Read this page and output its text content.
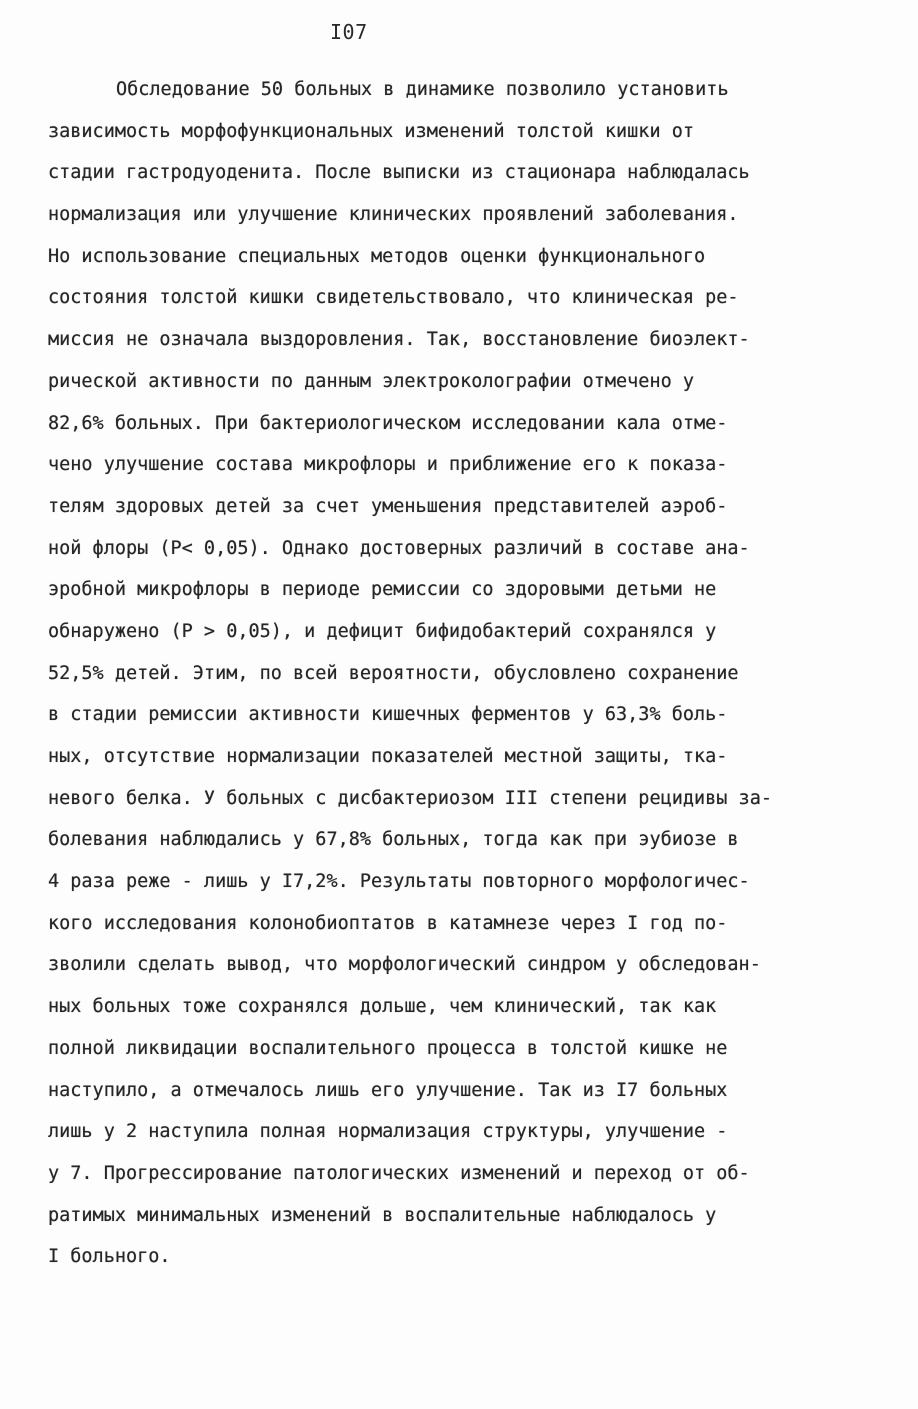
I07
Обследование 50 больных в динамике позволило установить
зависимость морфофункциональных изменений толстой кишки от
стадии гастродуоденита. После выписки из стационара наблюдалась
нормализация или улучшение клинических проявлений заболевания.
Но использование специальных методов оценки функционального
состояния толстой кишки свидетельствовало, что клиническая ре-
миссия не означала выздоровления. Так, восстановление биоэлект-
рической активности по данным электроколографии отмечено у
82,6% больных. При бактериологическом исследовании кала отме-
чено улучшение состава микрофлоры и приближение его к показа-
телям здоровых детей за счет уменьшения представителей аэроб-
ной флоры (P< 0,05). Однако достоверных различий в составе ана-
эробной микрофлоры в периоде ремиссии со здоровыми детьми не
обнаружено (P > 0,05), и дефицит бифидобактерий сохранялся у
52,5% детей. Этим, по всей вероятности, обусловлено сохранение
в стадии ремиссии активности кишечных ферментов у 63,3% боль-
ных, отсутствие нормализации показателей местной защиты, тка-
невого белка. У больных с дисбактериозом III степени рецидивы за-
болевания наблюдались у 67,8% больных, тогда как при эубиозе в
4 раза реже - лишь у I7,2%. Результаты повторного морфологичес-
кого исследования колонобиоптатов в катамнезе через I год по-
зволили сделать вывод, что морфологический синдром у обследован-
ных больных тоже сохранялся дольше, чем клинический, так как
полной ликвидации воспалительного процесса в толстой кишке не
наступило, а отмечалось лишь его улучшение. Так из I7 больных
лишь у 2 наступила полная нормализация структуры, улучшение -
у 7. Прогрессирование патологических изменений и переход от об-
ратимых минимальных изменений в воспалительные наблюдалось у
I больного.
